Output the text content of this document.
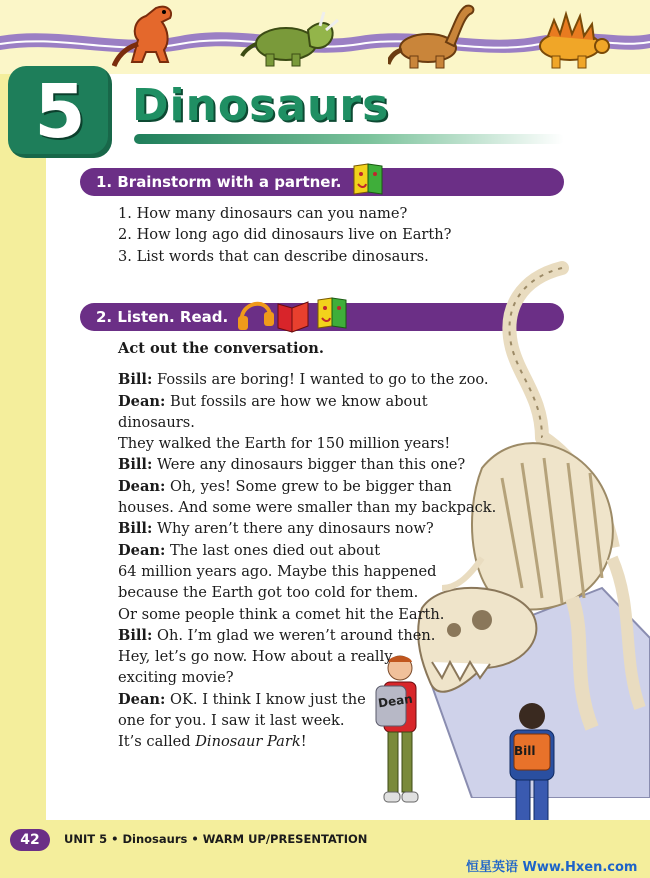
5	Dinosaurs
1. Brainstorm with a partner.
1. How many dinosaurs can you name?
2. How long ago did dinosaurs live on Earth?
3. List words that can describe dinosaurs.
2. Listen. Read.
Dean
Bill
Act out the conversation.
Bill: Fossils are boring! I wanted to go to the zoo.
Dean: But fossils are how we know about dinosaurs.
They walked the Earth for 150 million years!
Bill: Were any dinosaurs bigger than this one?
Dean: Oh, yes! Some grew to be bigger than
houses. And some were smaller than my backpack.
Bill: Why aren’t there any dinosaurs now?
Dean: The last ones died out about
64 million years ago. Maybe this happened
because the Earth got too cold for them.
Or some people think a comet hit the Earth.
Bill: Oh. I’m glad we weren’t around then.
Hey, let’s go now. How about a really
exciting movie?
Dean: OK. I think I know just the
one for you. I saw it last week.
It’s called Dinosaur Park!
42	UNIT 5 • Dinosaurs • WARM UP/PRESENTATION
恒星英语 Www.Hxen.com
